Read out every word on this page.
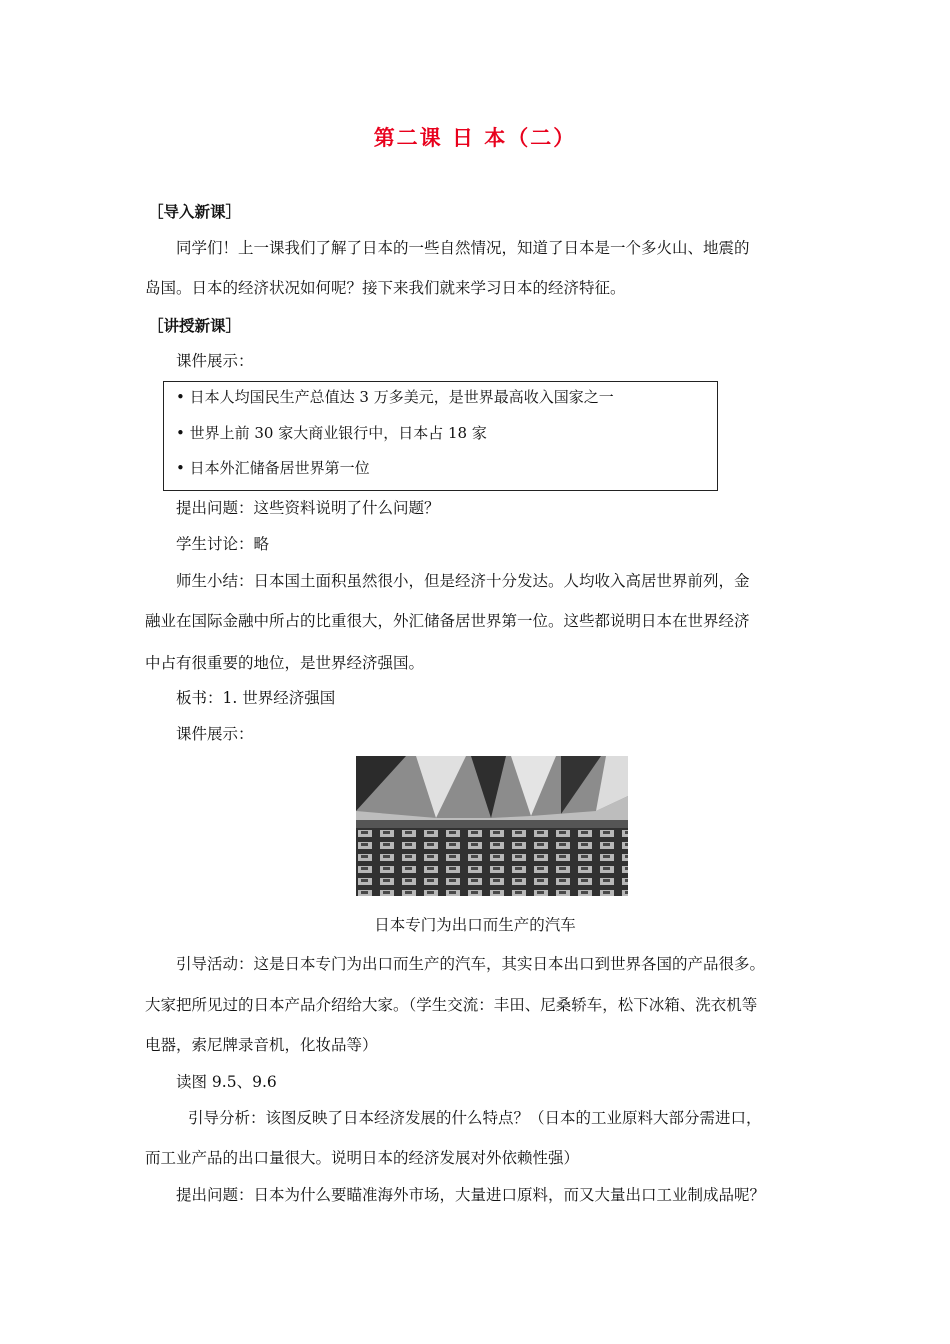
第二课 日 本（二）
［导入新课］
同学们！上一课我们了解了日本的一些自然情况，知道了日本是一个多火山、地震的
岛国。日本的经济状况如何呢？接下来我们就来学习日本的经济特征。
［讲授新课］
课件展示：
• 日本人均国民生产总值达 3 万多美元，是世界最高收入国家之一
• 世界上前 30 家大商业银行中，日本占 18 家
• 日本外汇储备居世界第一位
提出问题：这些资料说明了什么问题？
学生讨论：略
师生小结：日本国土面积虽然很小，但是经济十分发达。人均收入高居世界前列，金
融业在国际金融中所占的比重很大，外汇储备居世界第一位。这些都说明日本在世界经济
中占有很重要的地位，是世界经济强国。
板书：1. 世界经济强国
课件展示：
日本专门为出口而生产的汽车
引导活动：这是日本专门为出口而生产的汽车，其实日本出口到世界各国的产品很多。
大家把所见过的日本产品介绍给大家。（学生交流：丰田、尼桑轿车，松下冰箱、洗衣机等
电器，索尼牌录音机，化妆品等）
读图 9.5、9.6
引导分析：该图反映了日本经济发展的什么特点？（日本的工业原料大部分需进口，
而工业产品的出口量很大。说明日本的经济发展对外依赖性强）
提出问题：日本为什么要瞄准海外市场，大量进口原料，而又大量出口工业制成品呢？
